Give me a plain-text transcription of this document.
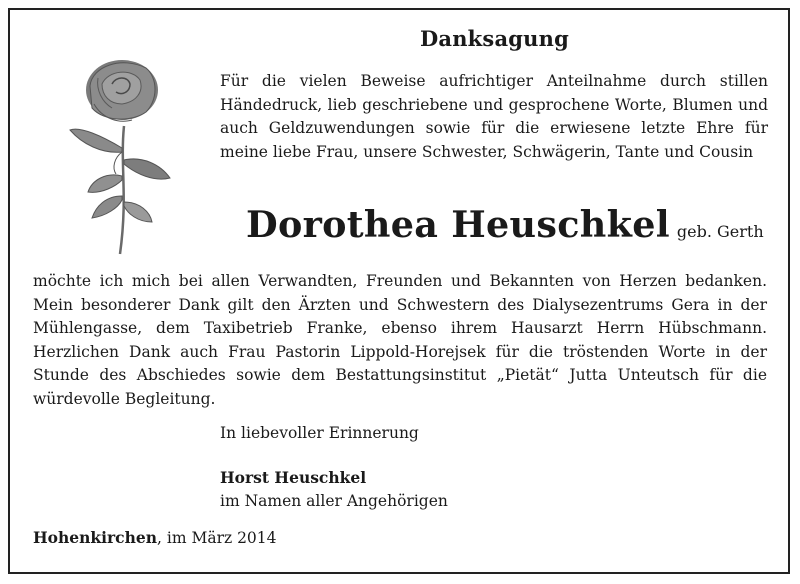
Danksagung
Für die vielen Beweise aufrichtiger Anteilnahme durch stillen Händedruck, lieb geschriebene und gesprochene Worte, Blumen und auch Geldzuwendungen sowie für die erwiesene letzte Ehre für meine liebe Frau, unsere Schwester, Schwägerin, Tante und Cousin
Dorothea Heuschkel geb. Gerth
möchte ich mich bei allen Verwandten, Freunden und Bekannten von Herzen bedanken. Mein besonderer Dank gilt den Ärzten und Schwestern des Dialysezentrums Gera in der Mühlengasse, dem Taxibetrieb Franke, ebenso ihrem Hausarzt Herrn Hübschmann. Herzlichen Dank auch Frau Pastorin Lippold-Horejsek für die tröstenden Worte in der Stunde des Abschiedes sowie dem Bestattungsinstitut „Pietät“ Jutta Unteutsch für die würdevolle Begleitung.
In liebevoller Erinnerung
Horst Heuschkel
im Namen aller Angehörigen
Hohenkirchen, im März 2014
